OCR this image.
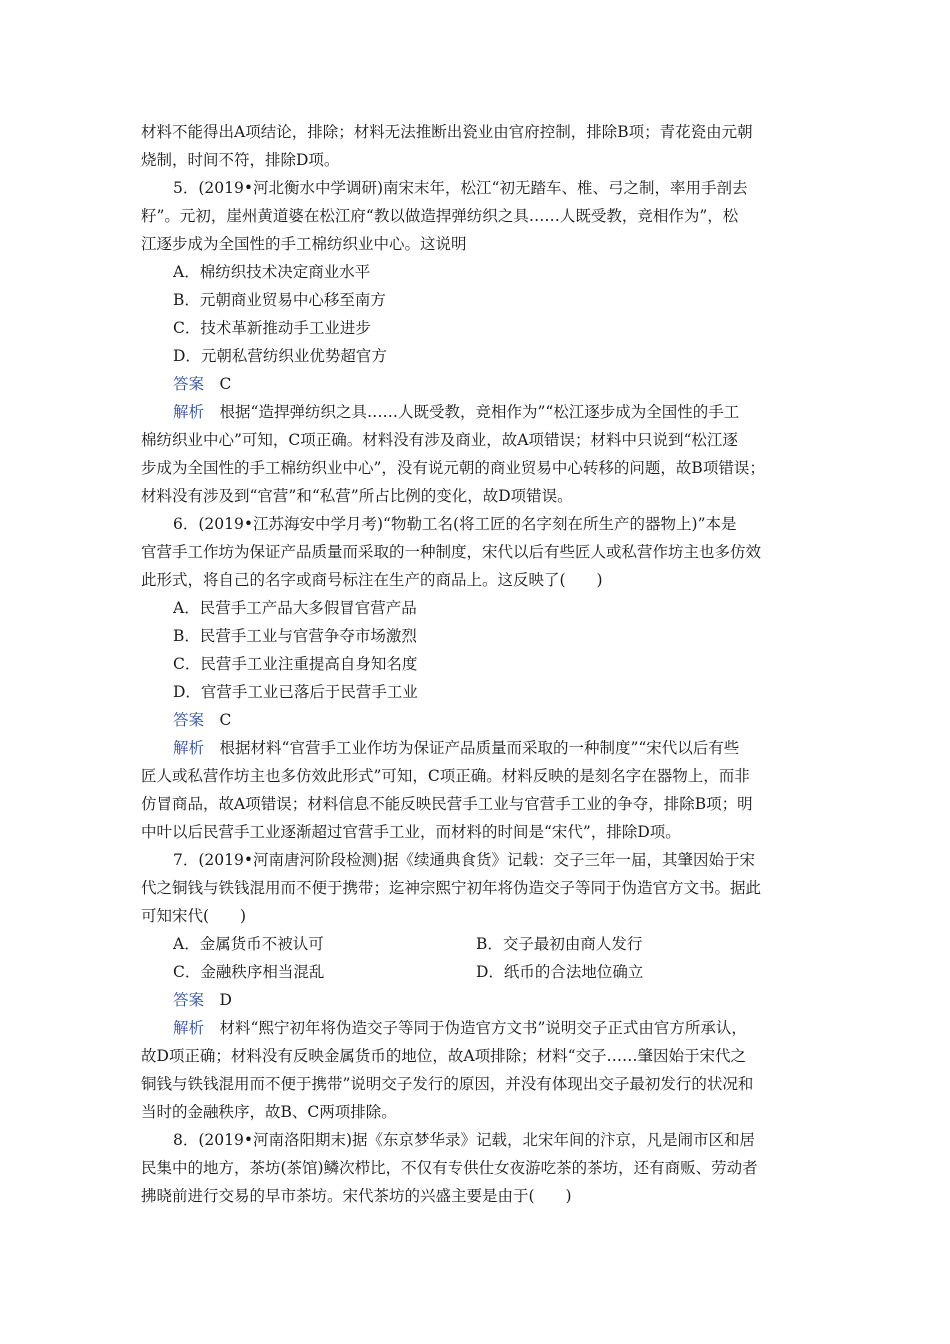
材料不能得出A项结论，排除；材料无法推断出瓷业由官府控制，排除B项；青花瓷由元朝
烧制，时间不符，排除D项。
5．(2019•河北衡水中学调研)南宋末年，松江“初无踏车、椎、弓之制，率用手剖去
籽”。元初，崖州黄道婆在松江府“教以做造捍弹纺织之具……人既受教，竞相作为”，松
江逐步成为全国性的手工棉纺织业中心。这说明
A．棉纺织技术决定商业水平
B．元朝商业贸易中心移至南方
C．技术革新推动手工业进步
D．元朝私营纺织业优势超官方
答案　 C
解析　 根据“造捍弹纺织之具……人既受教，竞相作为”“松江逐步成为全国性的手工
棉纺织业中心”可知，C项正确。材料没有涉及商业，故A项错误；材料中只说到“松江逐
步成为全国性的手工棉纺织业中心”，没有说元朝的商业贸易中心转移的问题，故B项错误；
材料没有涉及到“官营”和“私营”所占比例的变化，故D项错误。
6．(2019•江苏海安中学月考)“物勒工名(将工匠的名字刻在所生产的器物上)”本是
官营手工作坊为保证产品质量而采取的一种制度，宋代以后有些匠人或私营作坊主也多仿效
此形式，将自己的名字或商号标注在生产的商品上。这反映了(　　)
A．民营手工产品大多假冒官营产品
B．民营手工业与官营争夺市场激烈
C．民营手工业注重提高自身知名度
D．官营手工业已落后于民营手工业
答案　 C
解析　 根据材料“官营手工业作坊为保证产品质量而采取的一种制度”“宋代以后有些
匠人或私营作坊主也多仿效此形式”可知，C项正确。材料反映的是刻名字在器物上，而非
仿冒商品，故A项错误；材料信息不能反映民营手工业与官营手工业的争夺，排除B项；明
中叶以后民营手工业逐渐超过官营手工业，而材料的时间是“宋代”，排除D项。
7．(2019•河南唐河阶段检测)据《续通典食货》记载：交子三年一届，其肇因始于宋
代之铜钱与铁钱混用而不便于携带；迄神宗熙宁初年将伪造交子等同于伪造官方文书。据此
可知宋代(　　)
A．金属货币不被认可	B．交子最初由商人发行
C．金融秩序相当混乱	D．纸币的合法地位确立
答案　 D
解析　 材料“熙宁初年将伪造交子等同于伪造官方文书”说明交子正式由官方所承认，
故D项正确；材料没有反映金属货币的地位，故A项排除；材料“交子……肇因始于宋代之
铜钱与铁钱混用而不便于携带”说明交子发行的原因，并没有体现出交子最初发行的状况和
当时的金融秩序，故B、C两项排除。
8．(2019•河南洛阳期末)据《东京梦华录》记载，北宋年间的汴京，凡是闹市区和居
民集中的地方，茶坊(茶馆)鳞次栉比，不仅有专供仕女夜游吃茶的茶坊，还有商贩、劳动者
拂晓前进行交易的早市茶坊。宋代茶坊的兴盛主要是由于(　　)
